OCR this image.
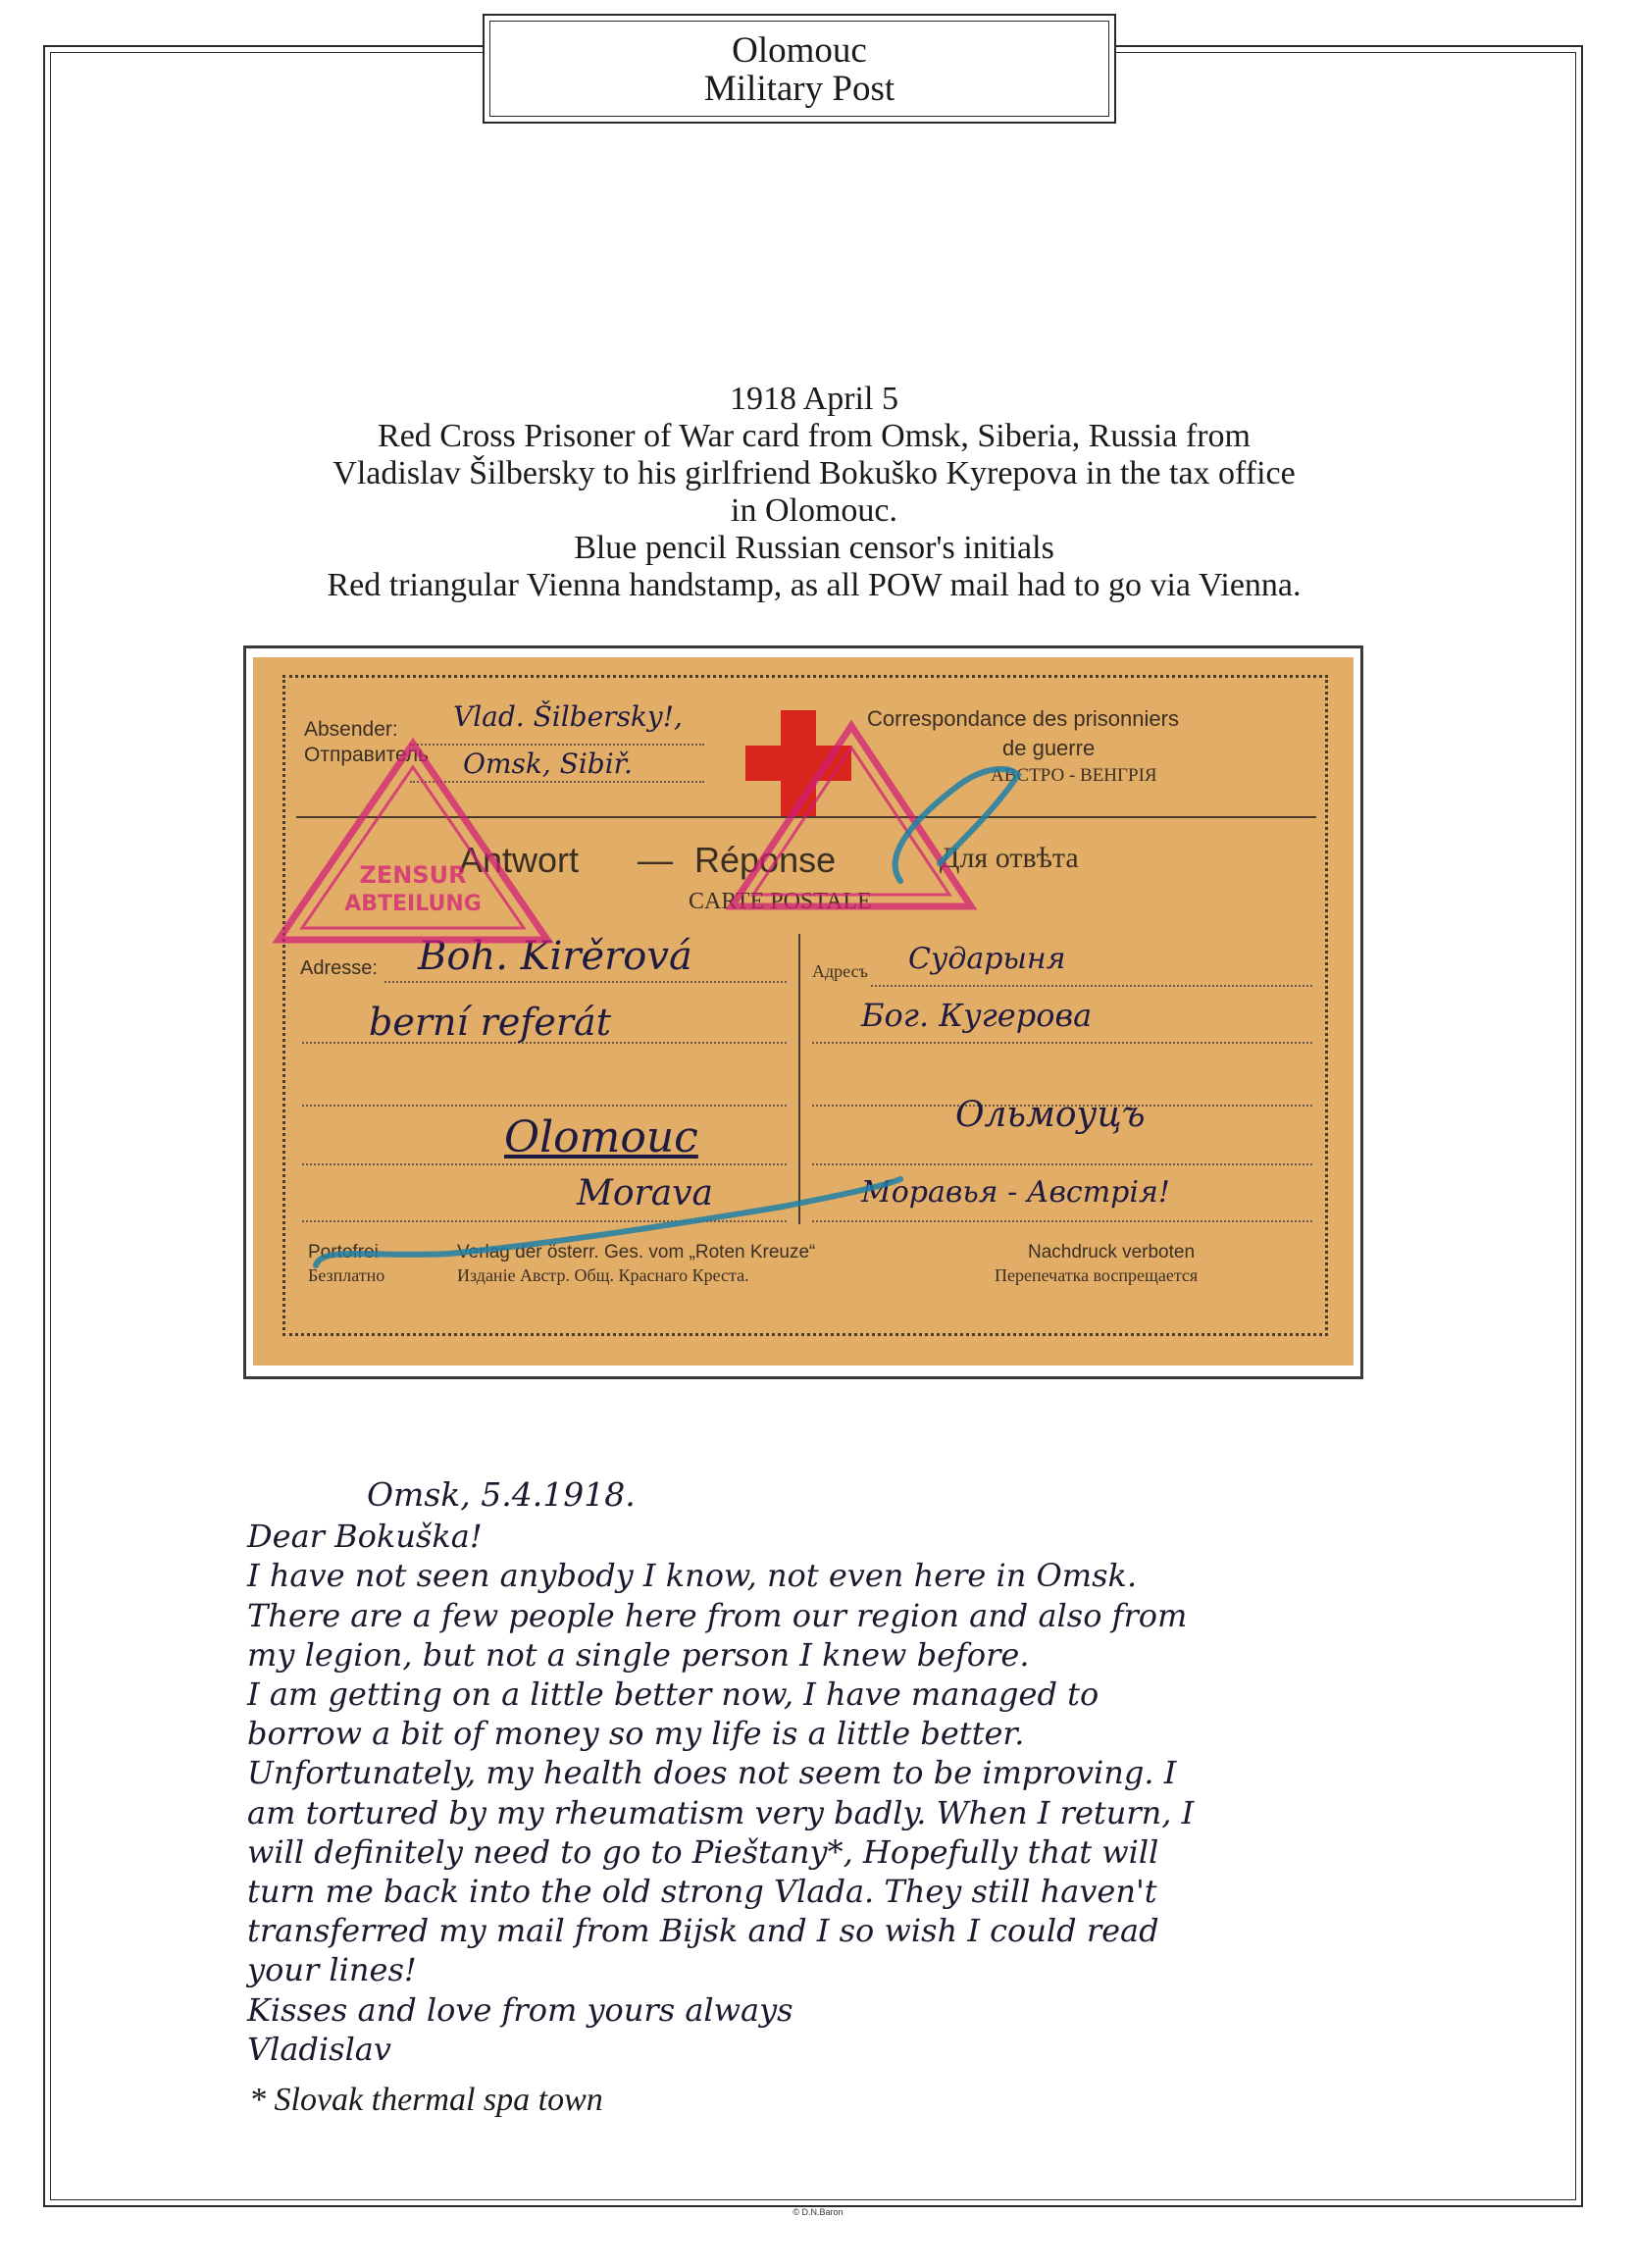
Olomouc
Military Post
1918 April 5
Red Cross Prisoner of War card from Omsk, Siberia, Russia from
Vladislav Šilbersky to his girlfriend Bokuško Kyrepova in the tax office
in Olomouc.
Blue pencil Russian censor's initials
Red triangular Vienna handstamp, as all POW mail had to go via Vienna.
Absender:
Отправитель
Vlad. Šilbersky!,
Omsk, Sibiř.
Correspondance des prisonniers
de guerre
АВСТРО - ВЕНГРІЯ
Antwort — Réponse	Для отвѣта
CARTE POSTALE
Adresse: Boh. Kirěrová
berní referát
Olomouc
Morava
Адресъ Сударыня
Бог. Кугерова
Ольмоуцъ
Моравья - Австрія!
Portofrei
Безплатно
Verlag der österr. Ges. vom „Roten Kreuze“
Изданіе Австр. Общ. Краснаго Креста.
Nachdruck verboten
Перепечатка воспрещается
ZENSUR
ABTEILUNG
Omsk, 5.4.1918.
Dear Bokuška!
I have not seen anybody I know, not even here in Omsk.
There are a few people here from our region and also from
my legion, but not a single person I knew before.
I am getting on a little better now, I have managed to
borrow a bit of money so my life is a little better.
Unfortunately, my health does not seem to be improving. I
am tortured by my rheumatism very badly. When I return, I
will definitely need to go to Pieštany*, Hopefully that will
turn me back into the old strong Vlada. They still haven't
transferred my mail from Bijsk and I so wish I could read
your lines!
Kisses and love from yours always
Vladislav
* Slovak thermal spa town
© D.N.Baron
